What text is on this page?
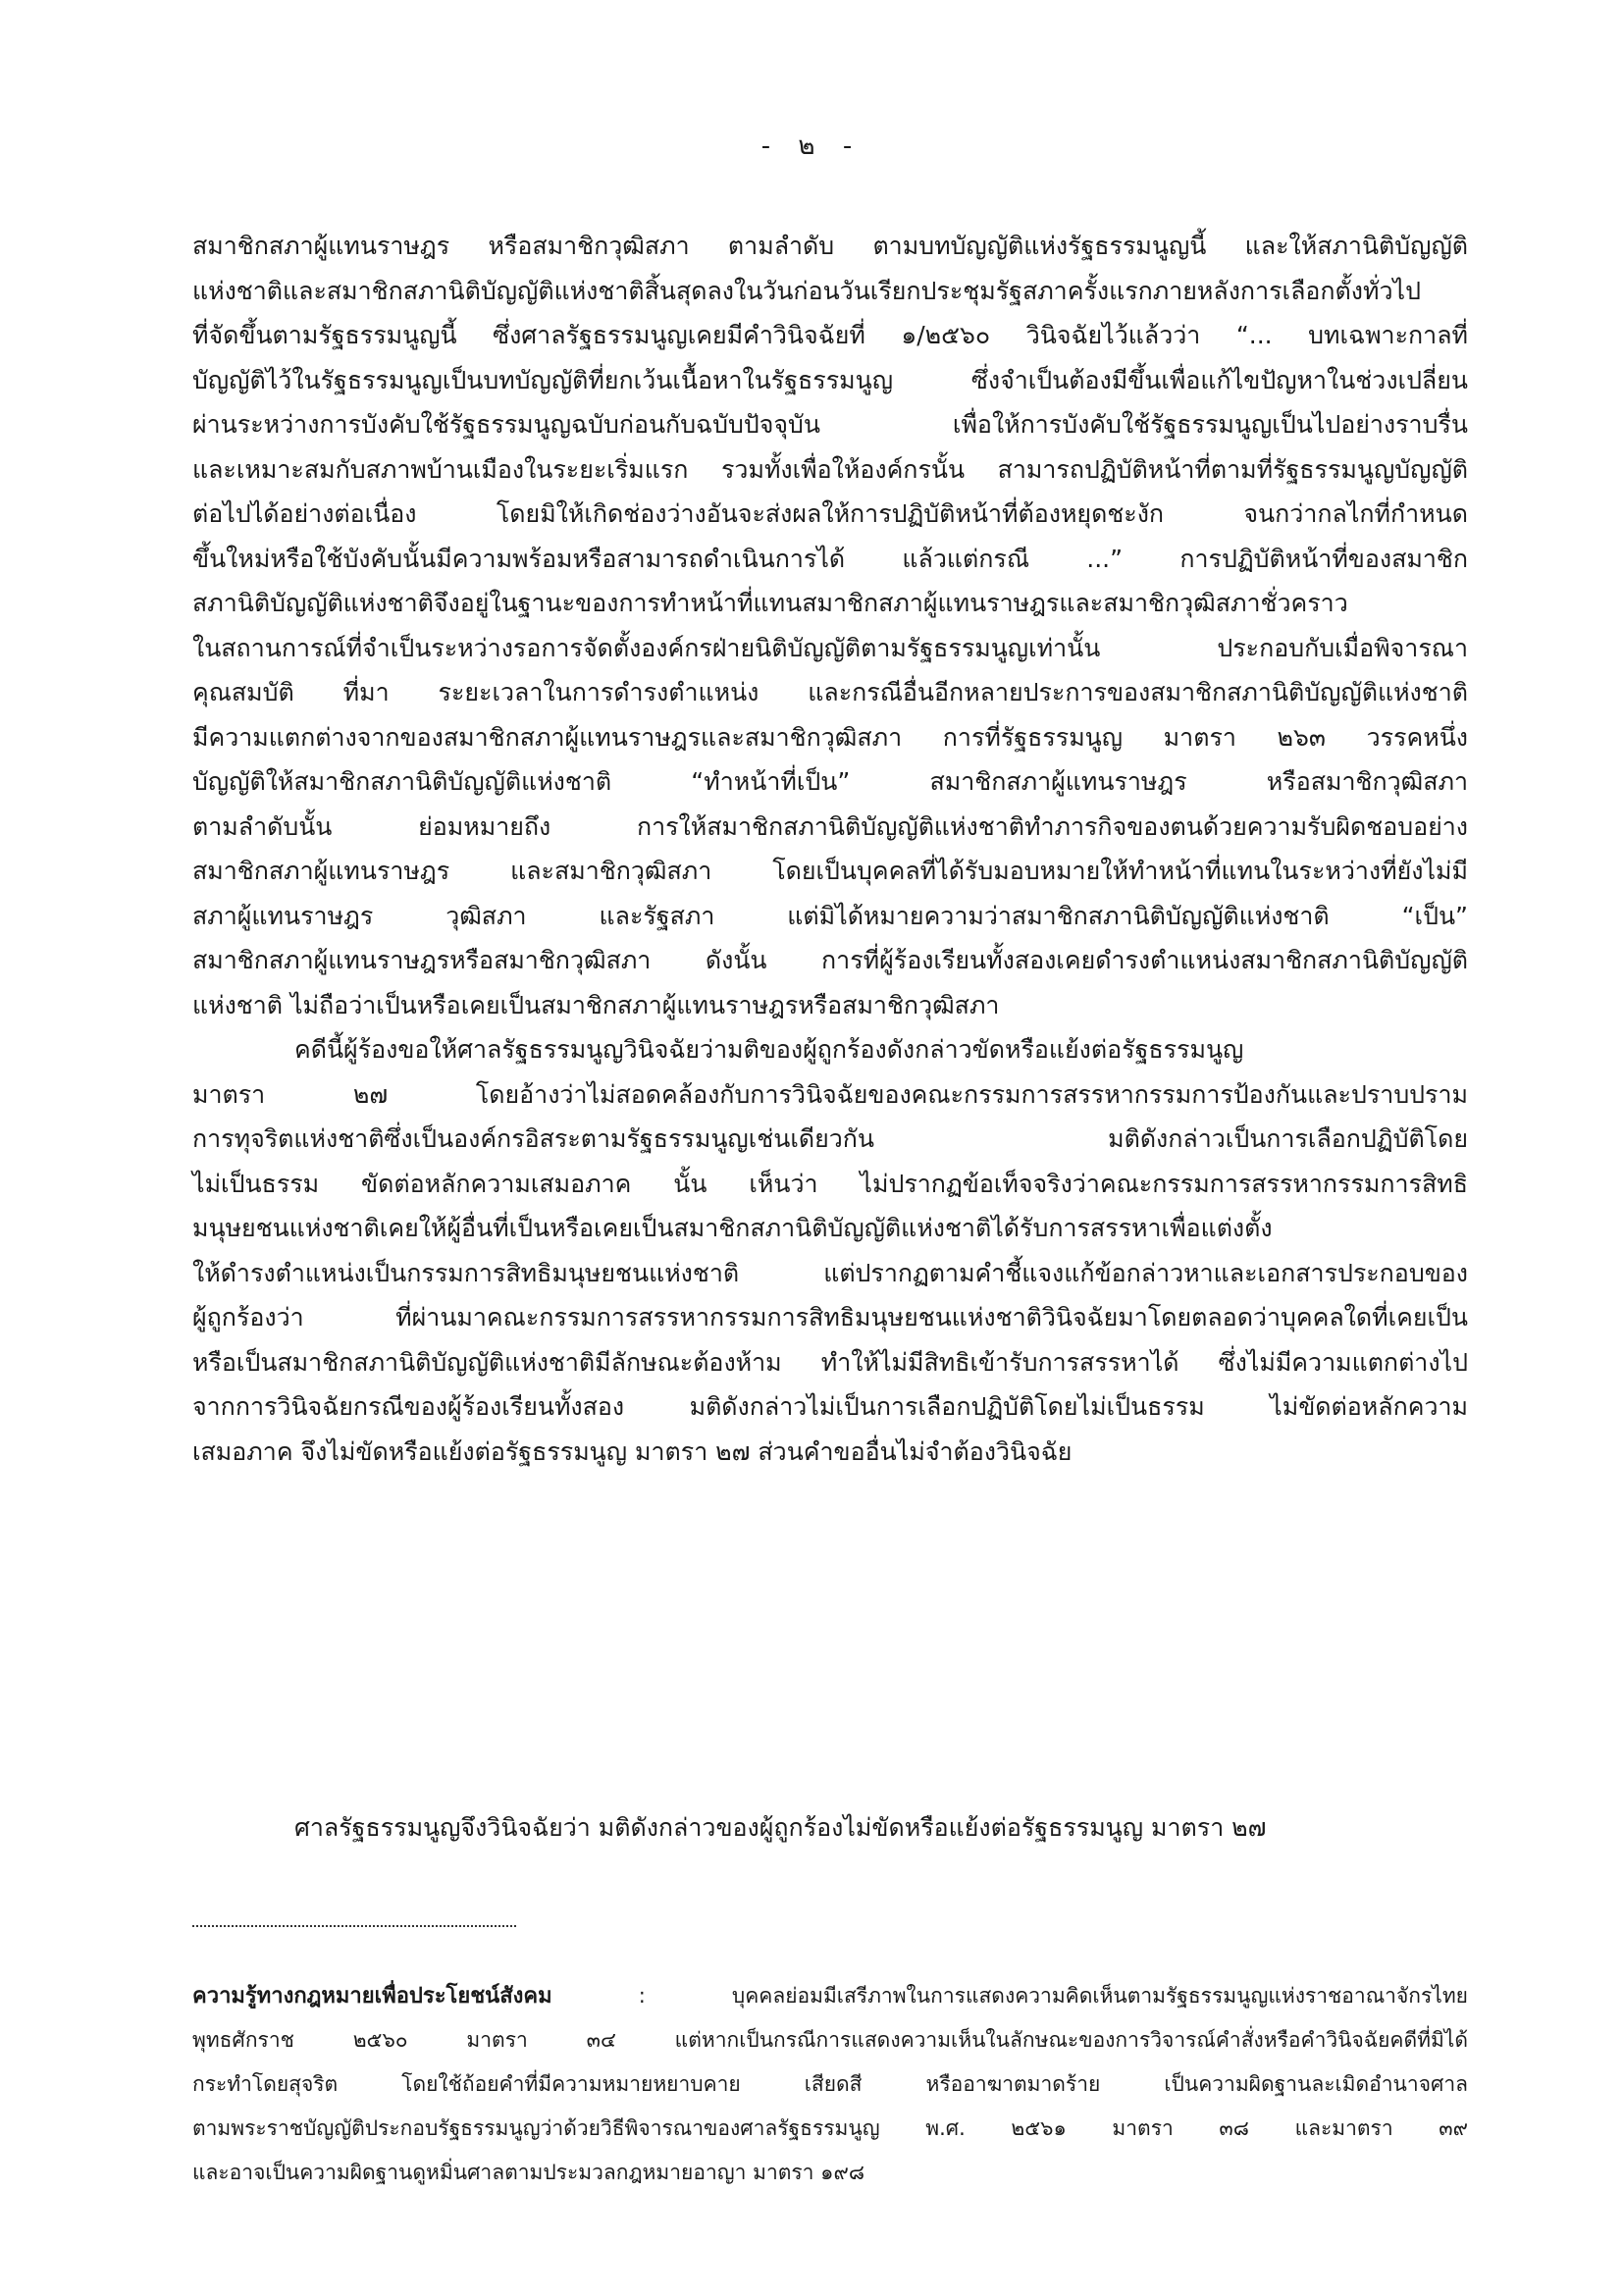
- ๒ -
สมาชิกสภาผู้แทนราษฎร หรือสมาชิกวุฒิสภา ตามลำดับ ตามบทบัญญัติแห่งรัฐธรรมนูญนี้ และให้สภานิติบัญญัติ
แห่งชาติและสมาชิกสภานิติบัญญัติแห่งชาติสิ้นสุดลงในวันก่อนวันเรียกประชุมรัฐสภาครั้งแรกภายหลังการเลือกตั้งทั่วไป
ที่จัดขึ้นตามรัฐธรรมนูญนี้ ซึ่งศาลรัฐธรรมนูญเคยมีคำวินิจฉัยที่ ๑/๒๕๖๐ วินิจฉัยไว้แล้วว่า “... บทเฉพาะกาลที่
บัญญัติไว้ในรัฐธรรมนูญเป็นบทบัญญัติที่ยกเว้นเนื้อหาในรัฐธรรมนูญ ซึ่งจำเป็นต้องมีขึ้นเพื่อแก้ไขปัญหาในช่วงเปลี่ยน
ผ่านระหว่างการบังคับใช้รัฐธรรมนูญฉบับก่อนกับฉบับปัจจุบัน เพื่อให้การบังคับใช้รัฐธรรมนูญเป็นไปอย่างราบรื่น
และเหมาะสมกับสภาพบ้านเมืองในระยะเริ่มแรก รวมทั้งเพื่อให้องค์กรนั้น สามารถปฏิบัติหน้าที่ตามที่รัฐธรรมนูญบัญญัติ
ต่อไปได้อย่างต่อเนื่อง โดยมิให้เกิดช่องว่างอันจะส่งผลให้การปฏิบัติหน้าที่ต้องหยุดชะงัก จนกว่ากลไกที่กำหนด
ขึ้นใหม่หรือใช้บังคับนั้นมีความพร้อมหรือสามารถดำเนินการได้ แล้วแต่กรณี ...” การปฏิบัติหน้าที่ของสมาชิก
สภานิติบัญญัติแห่งชาติจึงอยู่ในฐานะของการทำหน้าที่แทนสมาชิกสภาผู้แทนราษฎรและสมาชิกวุฒิสภาชั่วคราว
ในสถานการณ์ที่จำเป็นระหว่างรอการจัดตั้งองค์กรฝ่ายนิติบัญญัติตามรัฐธรรมนูญเท่านั้น ประกอบกับเมื่อพิจารณา
คุณสมบัติ ที่มา ระยะเวลาในการดำรงตำแหน่ง และกรณีอื่นอีกหลายประการของสมาชิกสภานิติบัญญัติแห่งชาติ
มีความแตกต่างจากของสมาชิกสภาผู้แทนราษฎรและสมาชิกวุฒิสภา การที่รัฐธรรมนูญ มาตรา ๒๖๓ วรรคหนึ่ง
บัญญัติให้สมาชิกสภานิติบัญญัติแห่งชาติ “ทำหน้าที่เป็น” สมาชิกสภาผู้แทนราษฎร หรือสมาชิกวุฒิสภา
ตามลำดับนั้น ย่อมหมายถึง การให้สมาชิกสภานิติบัญญัติแห่งชาติทำภารกิจของตนด้วยความรับผิดชอบอย่าง
สมาชิกสภาผู้แทนราษฎร และสมาชิกวุฒิสภา โดยเป็นบุคคลที่ได้รับมอบหมายให้ทำหน้าที่แทนในระหว่างที่ยังไม่มี
สภาผู้แทนราษฎร วุฒิสภา และรัฐสภา แต่มิได้หมายความว่าสมาชิกสภานิติบัญญัติแห่งชาติ “เป็น”
สมาชิกสภาผู้แทนราษฎรหรือสมาชิกวุฒิสภา ดังนั้น การที่ผู้ร้องเรียนทั้งสองเคยดำรงตำแหน่งสมาชิกสภานิติบัญญัติ
แห่งชาติ ไม่ถือว่าเป็นหรือเคยเป็นสมาชิกสภาผู้แทนราษฎรหรือสมาชิกวุฒิสภา
คดีนี้ผู้ร้องขอให้ศาลรัฐธรรมนูญวินิจฉัยว่ามติของผู้ถูกร้องดังกล่าวขัดหรือแย้งต่อรัฐธรรมนูญ
มาตรา ๒๗ โดยอ้างว่าไม่สอดคล้องกับการวินิจฉัยของคณะกรรมการสรรหากรรมการป้องกันและปราบปราม
การทุจริตแห่งชาติซึ่งเป็นองค์กรอิสระตามรัฐธรรมนูญเช่นเดียวกัน มติดังกล่าวเป็นการเลือกปฏิบัติโดย
ไม่เป็นธรรม ขัดต่อหลักความเสมอภาค นั้น เห็นว่า ไม่ปรากฏข้อเท็จจริงว่าคณะกรรมการสรรหากรรมการสิทธิ
มนุษยชนแห่งชาติเคยให้ผู้อื่นที่เป็นหรือเคยเป็นสมาชิกสภานิติบัญญัติแห่งชาติได้รับการสรรหาเพื่อแต่งตั้ง
ให้ดำรงตำแหน่งเป็นกรรมการสิทธิมนุษยชนแห่งชาติ แต่ปรากฏตามคำชี้แจงแก้ข้อกล่าวหาและเอกสารประกอบของ
ผู้ถูกร้องว่า ที่ผ่านมาคณะกรรมการสรรหากรรมการสิทธิมนุษยชนแห่งชาติวินิจฉัยมาโดยตลอดว่าบุคคลใดที่เคยเป็น
หรือเป็นสมาชิกสภานิติบัญญัติแห่งชาติมีลักษณะต้องห้าม ทำให้ไม่มีสิทธิเข้ารับการสรรหาได้ ซึ่งไม่มีความแตกต่างไป
จากการวินิจฉัยกรณีของผู้ร้องเรียนทั้งสอง มติดังกล่าวไม่เป็นการเลือกปฏิบัติโดยไม่เป็นธรรม ไม่ขัดต่อหลักความ
เสมอภาค จึงไม่ขัดหรือแย้งต่อรัฐธรรมนูญ มาตรา ๒๗ ส่วนคำขออื่นไม่จำต้องวินิจฉัย
ศาลรัฐธรรมนูญจึงวินิจฉัยว่า มติดังกล่าวของผู้ถูกร้องไม่ขัดหรือแย้งต่อรัฐธรรมนูญ มาตรา ๒๗
ความรู้ทางกฎหมายเพื่อประโยชน์สังคม	:	บุคคลย่อมมีเสรีภาพในการแสดงความคิดเห็นตามรัฐธรรมนูญแห่งราชอาณาจักรไทย
พุทธศักราช ๒๕๖๐ มาตรา ๓๔ แต่หากเป็นกรณีการแสดงความเห็นในลักษณะของการวิจารณ์คำสั่งหรือคำวินิจฉัยคดีที่มิได้
กระทำโดยสุจริต โดยใช้ถ้อยคำที่มีความหมายหยาบคาย เสียดสี หรืออาฆาตมาดร้าย เป็นความผิดฐานละเมิดอำนาจศาล
ตามพระราชบัญญัติประกอบรัฐธรรมนูญว่าด้วยวิธีพิจารณาของศาลรัฐธรรมนูญ พ.ศ. ๒๕๖๑ มาตรา ๓๘ และมาตรา ๓๙
และอาจเป็นความผิดฐานดูหมิ่นศาลตามประมวลกฎหมายอาญา มาตรา ๑๙๘
